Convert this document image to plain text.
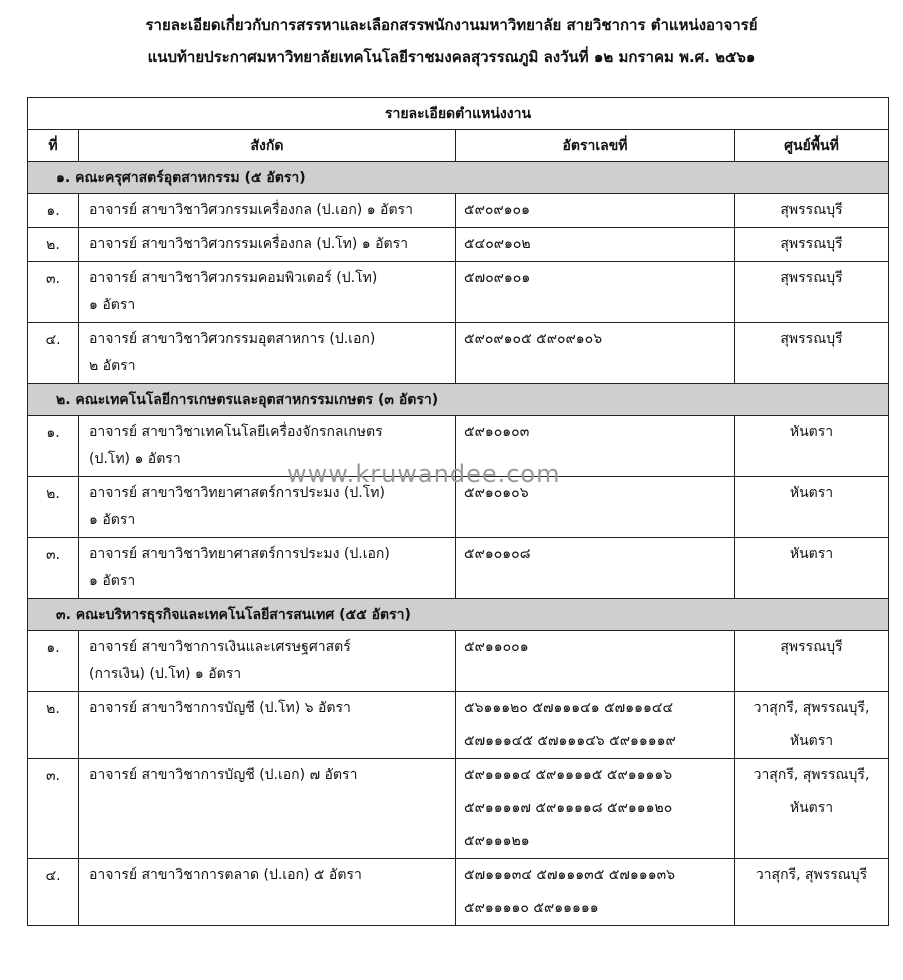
รายละเอียดเกี่ยวกับการสรรหาและเลือกสรรพนักงานมหาวิทยาลัย สายวิชาการ ตำแหน่งอาจารย์
แนบท้ายประกาศมหาวิทยาลัยเทคโนโลยีราชมงคลสุวรรณภูมิ ลงวันที่ ๑๒ มกราคม พ.ศ. ๒๕๖๑
รายละเอียดตำแหน่งงาน			
ที่	สังกัด	อัตราเลขที่	ศูนย์พื้นที่
๑. คณะครุศาสตร์อุตสาหกรรม (๕ อัตรา)			
๑.	อาจารย์ สาขาวิชาวิศวกรรมเครื่องกล (ป.เอก) ๑ อัตรา	๕๙๐๙๑๐๑	สุพรรณบุรี

๒.	อาจารย์ สาขาวิชาวิศวกรรมเครื่องกล (ป.โท) ๑ อัตรา	๕๔๐๙๑๐๒	สุพรรณบุรี

๓.	อาจารย์ สาขาวิชาวิศวกรรมคอมพิวเตอร์ (ป.โท)
๑ อัตรา	๕๗๐๙๑๐๑	สุพรรณบุรี

๔.	อาจารย์ สาขาวิชาวิศวกรรมอุตสาหการ (ป.เอก)
๒ อัตรา	๕๙๐๙๑๐๕ ๕๙๐๙๑๐๖	สุพรรณบุรี

๒. คณะเทคโนโลยีการเกษตรและอุตสาหกรรมเกษตร (๓ อัตรา)			
๑.	อาจารย์ สาขาวิชาเทคโนโลยีเครื่องจักรกลเกษตร
(ป.โท) ๑ อัตรา	๕๙๑๐๑๐๓	หันตรา

๒.	อาจารย์ สาขาวิชาวิทยาศาสตร์การประมง (ป.โท)
๑ อัตรา	๕๙๑๐๑๐๖	หันตรา

๓.	อาจารย์ สาขาวิชาวิทยาศาสตร์การประมง (ป.เอก)
๑ อัตรา	๕๙๑๐๑๐๘	หันตรา

๓. คณะบริหารธุรกิจและเทคโนโลยีสารสนเทศ (๕๕ อัตรา)			
๑.	อาจารย์ สาขาวิชาการเงินและเศรษฐศาสตร์
(การเงิน) (ป.โท) ๑ อัตรา	๕๙๑๑๐๐๑	สุพรรณบุรี

๒.	อาจารย์ สาขาวิชาการบัญชี (ป.โท) ๖ อัตรา	๕๖๑๑๑๒๐ ๕๗๑๑๑๔๑ ๕๗๑๑๑๔๔
๕๗๑๑๑๔๕ ๕๗๑๑๑๔๖ ๕๙๑๑๑๑๙	วาสุกรี, สุพรรณบุรี,
หันตรา

๓.	อาจารย์ สาขาวิชาการบัญชี (ป.เอก) ๗ อัตรา	๕๙๑๑๑๑๔ ๕๙๑๑๑๑๕ ๕๙๑๑๑๑๖
๕๙๑๑๑๑๗ ๕๙๑๑๑๑๘ ๕๙๑๑๑๒๐
๕๙๑๑๑๒๑	วาสุกรี, สุพรรณบุรี,
หันตรา

๔.	อาจารย์ สาขาวิชาการตลาด (ป.เอก) ๕ อัตรา	๕๗๑๑๑๓๔ ๕๗๑๑๑๓๕ ๕๗๑๑๑๓๖
๕๙๑๑๑๑๐ ๕๙๑๑๑๑๑	วาสุกรี, สุพรรณบุรี
www.kruwandee.com
